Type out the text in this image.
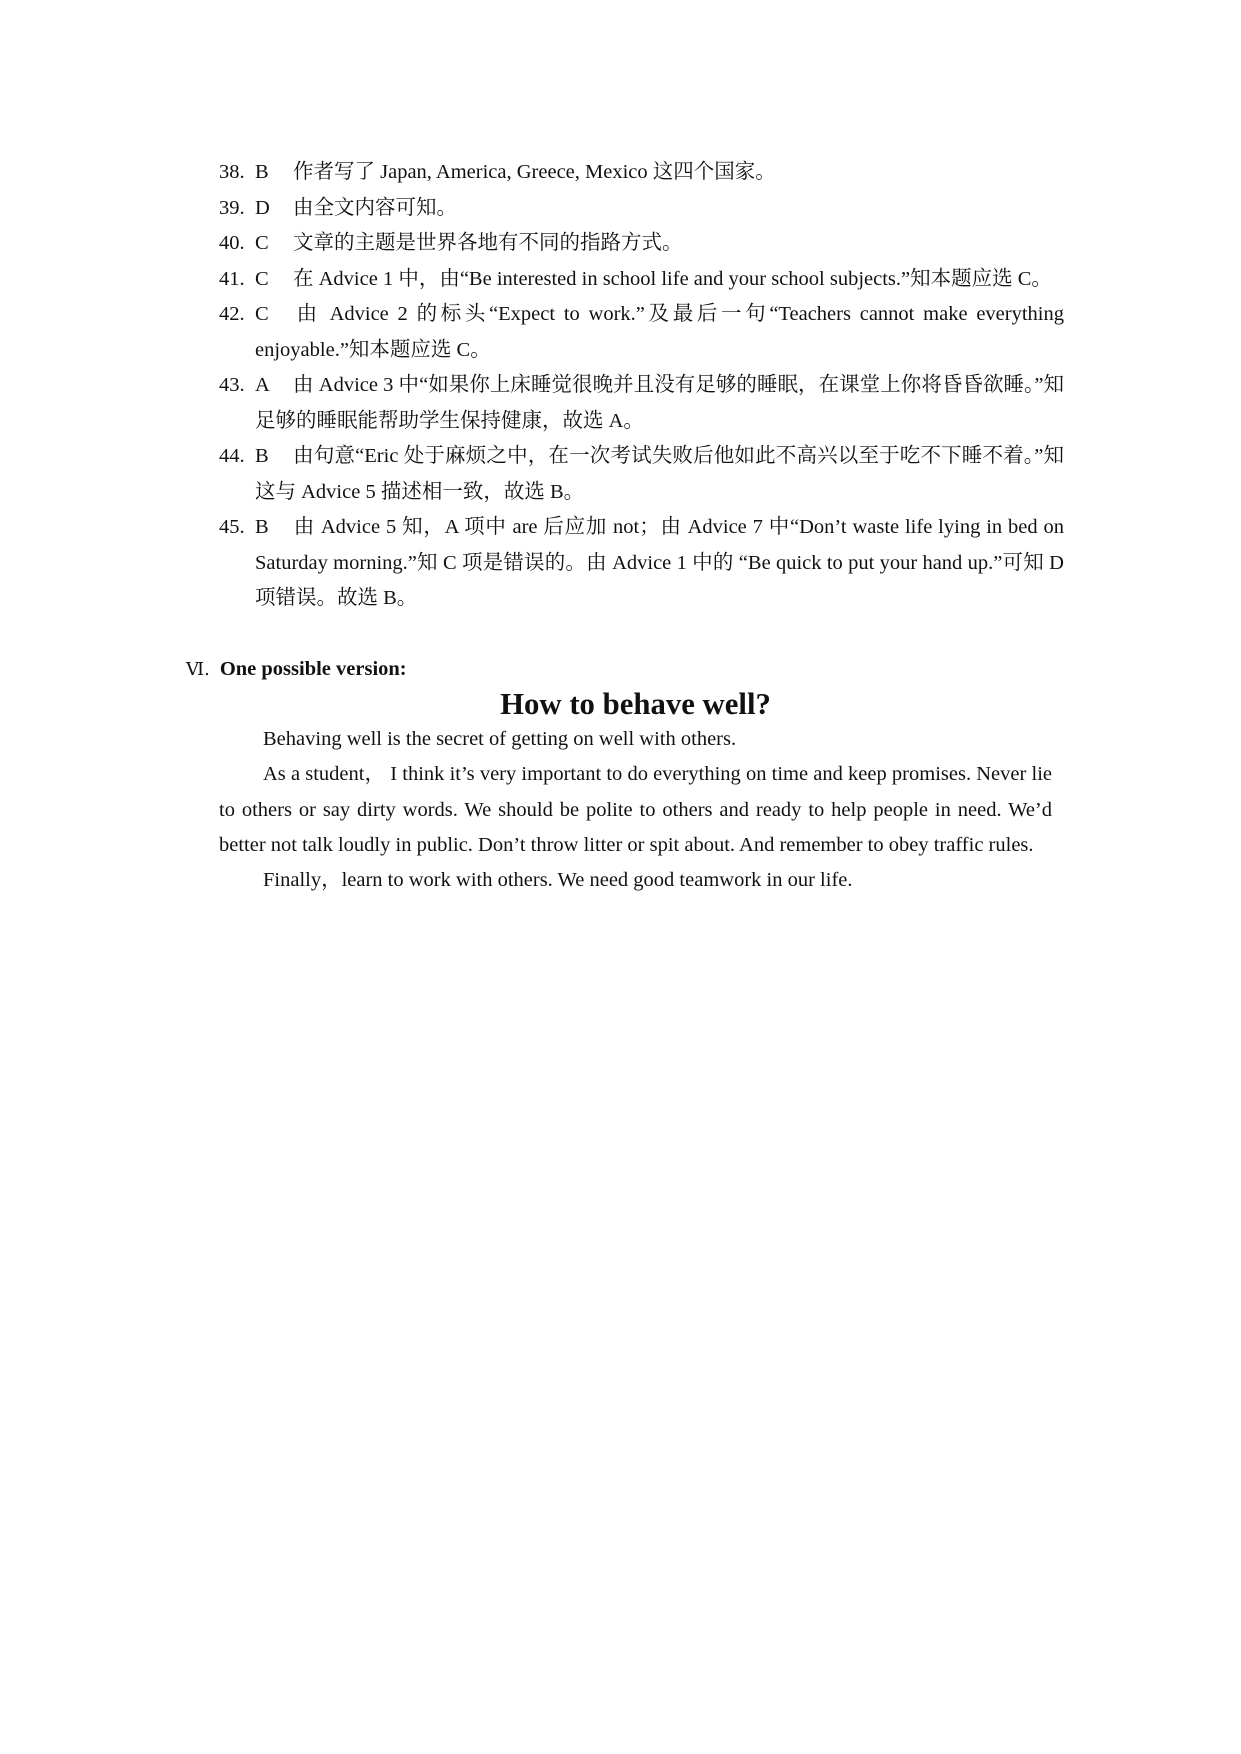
38. B 作者写了 Japan, America, Greece, Mexico 这四个国家。
39. D 由全文内容可知。
40. C 文章的主题是世界各地有不同的指路方式。
41. C 在 Advice 1 中，由“Be interested in school life and your school subjects.”知本题应选 C。
42. C 由 Advice 2 的标头“Expect to work.”及最后一句“Teachers cannot make everything enjoyable.”知本题应选 C。
43. A 由 Advice 3 中“如果你上床睡觉很晚并且没有足够的睡眠，在课堂上你将昏昏欲睡。”知足够的睡眠能帮助学生保持健康，故选 A。
44. B 由句意“Eric 处于麻烦之中，在一次考试失败后他如此不高兴以至于吃不下睡不着。”知这与 Advice 5 描述相一致，故选 B。
45. B 由 Advice 5 知，A 项中 are 后应加 not；由 Advice 7 中“Don’t waste life lying in bed on Saturday morning.”知 C 项是错误的。由 Advice 1 中的 “Be quick to put your hand up.”可知 D 项错误。故选 B。
Ⅵ. One possible version:
How to behave well?

Behaving well is the secret of getting on well with others.

As a student， I think it’s very important to do everything on time and keep promises. Never lie to others or say dirty words. We should be polite to others and ready to help people in need. We’d better not talk loudly in public. Don’t throw litter or spit about. And remember to obey traffic rules.

Finally，learn to work with others. We need good teamwork in our life.
